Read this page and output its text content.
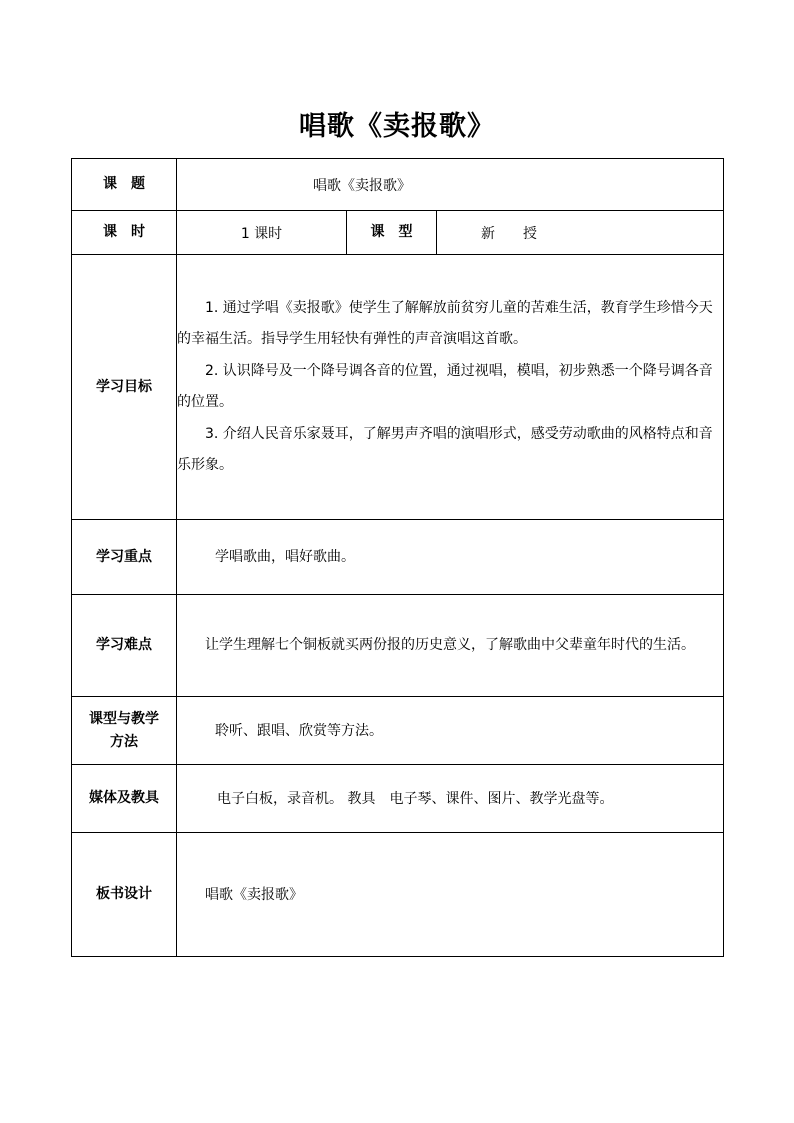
唱歌《卖报歌》
课　题	唱歌《卖报歌》		
课　时	1 课时	课　型	新　　授
学习目标	1. 通过学唱《卖报歌》使学生了解解放前贫穷儿童的苦难生活，教育学生珍惜今天的幸福生活。指导学生用轻快有弹性的声音演唱这首歌。

2. 认识降号及一个降号调各音的位置，通过视唱，模唱，初步熟悉一个降号调各音的位置。

3. 介绍人民音乐家聂耳，了解男声齐唱的演唱形式，感受劳动歌曲的风格特点和音乐形象。		

学习重点	学唱歌曲，唱好歌曲。		

学习难点	让学生理解七个铜板就买两份报的历史意义，了解歌曲中父辈童年时代的生活。		

课型与教学
方法	聆听、跟唱、欣赏等方法。		

媒体及教具	电子白板，录音机。 教具　电子琴、课件、图片、教学光盘等。		

板书设计	唱歌《卖报歌》		
